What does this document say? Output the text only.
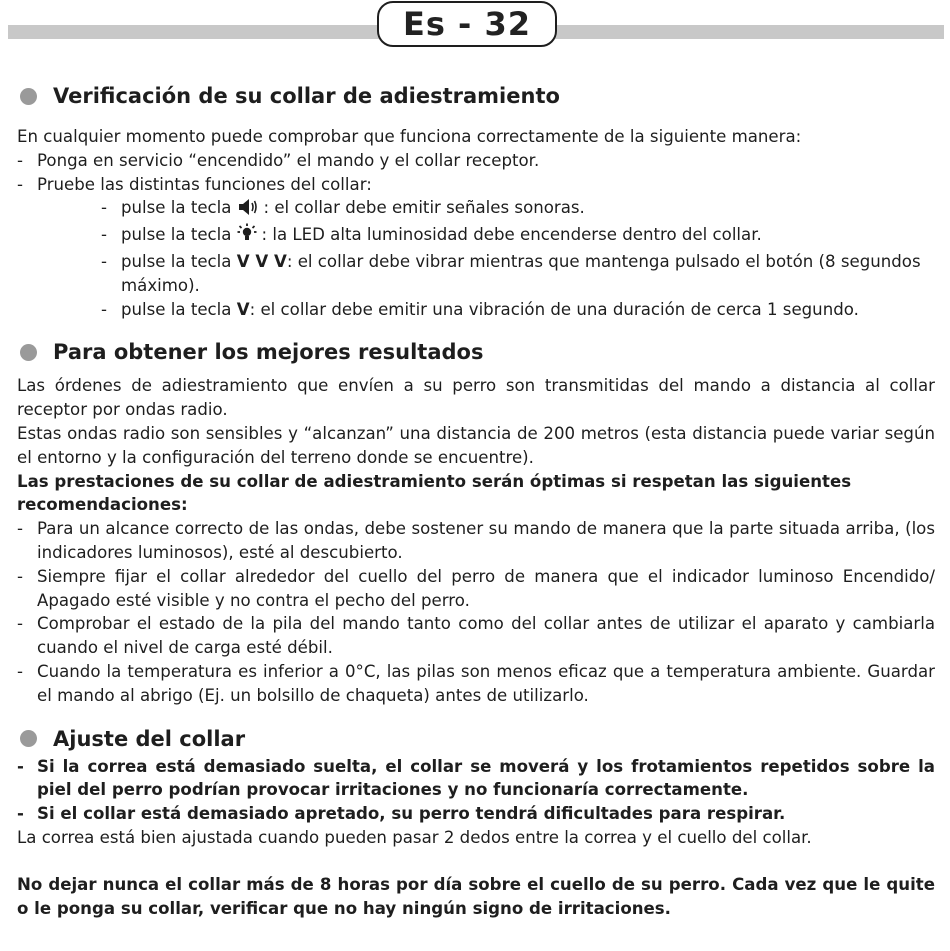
Es - 32
Verificación de su collar de adiestramiento

En cualquier momento puede comprobar que funciona correctamente de la siguiente manera:

- Ponga en servicio “encendido” el mando y el collar receptor.
- Pruebe las distintas funciones del collar:
- pulse la tecla : el collar debe emitir señales sonoras.
- pulse la tecla : la LED alta luminosidad debe encenderse dentro del collar.
- pulse la tecla V V V: el collar debe vibrar mientras que mantenga pulsado el botón (8 segundos máximo).
- pulse la tecla V: el collar debe emitir una vibración de una duración de cerca 1 segundo.
Para obtener los mejores resultados

Las órdenes de adiestramiento que envíen a su perro son transmitidas del mando a distancia al collar receptor por ondas radio.

Estas ondas radio son sensibles y “alcanzan” una distancia de 200 metros (esta distancia puede variar según el entorno y la configuración del terreno donde se encuentre).

Las prestaciones de su collar de adiestramiento serán óptimas si respetan las siguientes recomendaciones:

- Para un alcance correcto de las ondas, debe sostener su mando de manera que la parte situada arriba, (los indicadores luminosos), esté al descubierto.
- Siempre fijar el collar alrededor del cuello del perro de manera que el indicador luminoso Encendido/ Apagado esté visible y no contra el pecho del perro.
- Comprobar el estado de la pila del mando tanto como del collar antes de utilizar el aparato y cambiarla cuando el nivel de carga esté débil.
- Cuando la temperatura es inferior a 0°C, las pilas son menos eficaz que a temperatura ambiente. Guardar el mando al abrigo (Ej. un bolsillo de chaqueta) antes de utilizarlo.
Ajuste del collar
- Si la correa está demasiado suelta, el collar se moverá y los frotamientos repetidos sobre la piel del perro podrían provocar irritaciones y no funcionaría correctamente.
- Si el collar está demasiado apretado, su perro tendrá dificultades para respirar.

La correa está bien ajustada cuando pueden pasar 2 dedos entre la correa y el cuello del collar.

No dejar nunca el collar más de 8 horas por día sobre el cuello de su perro. Cada vez que le quite o le ponga su collar, verificar que no hay ningún signo de irritaciones.
